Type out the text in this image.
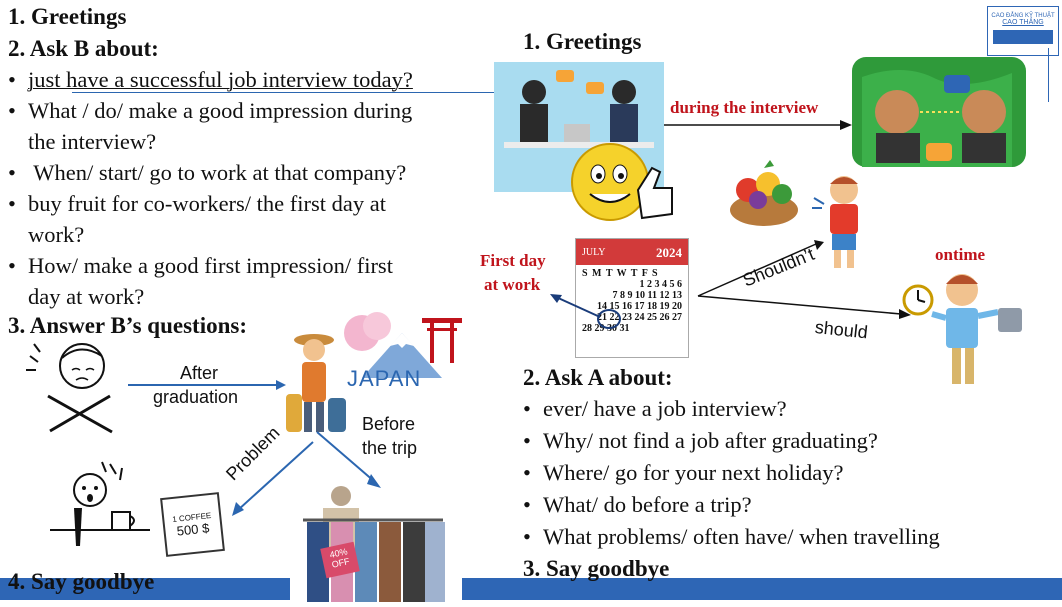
1. Greetings
2. Ask B about:
• just have a successful job interview today?
• What / do/ make a good impression during
the interview?
• When/ start/ go to work at that company?
• buy fruit for co-workers/ the first day at
work?
• How/ make a good first impression/ first
day at work?
3. Answer B’s questions:
After
graduation
JAPAN
Before
the trip
Problem
1 COFFEE
500 $
40%
OFF
4. Say goodbye
1. Greetings
during the interview
CAO ĐẲNG KỸ THUẬT
CAO THẮNG
First day
at work
JULY	2024
S M T W T F S
1 2 3 4 5 6
7 8 9 10 11 12 13
14 15 16 17 18 19 20
21 22 23 24 25 26 27
28 29 30 31
Shouldn’t
should
ontime
2. Ask A about:
• ever/ have a job interview?
• Why/ not find a job after graduating?
• Where/ go for your next holiday?
• What/ do before a trip?
• What problems/ often have/ when travelling
3. Say goodbye
